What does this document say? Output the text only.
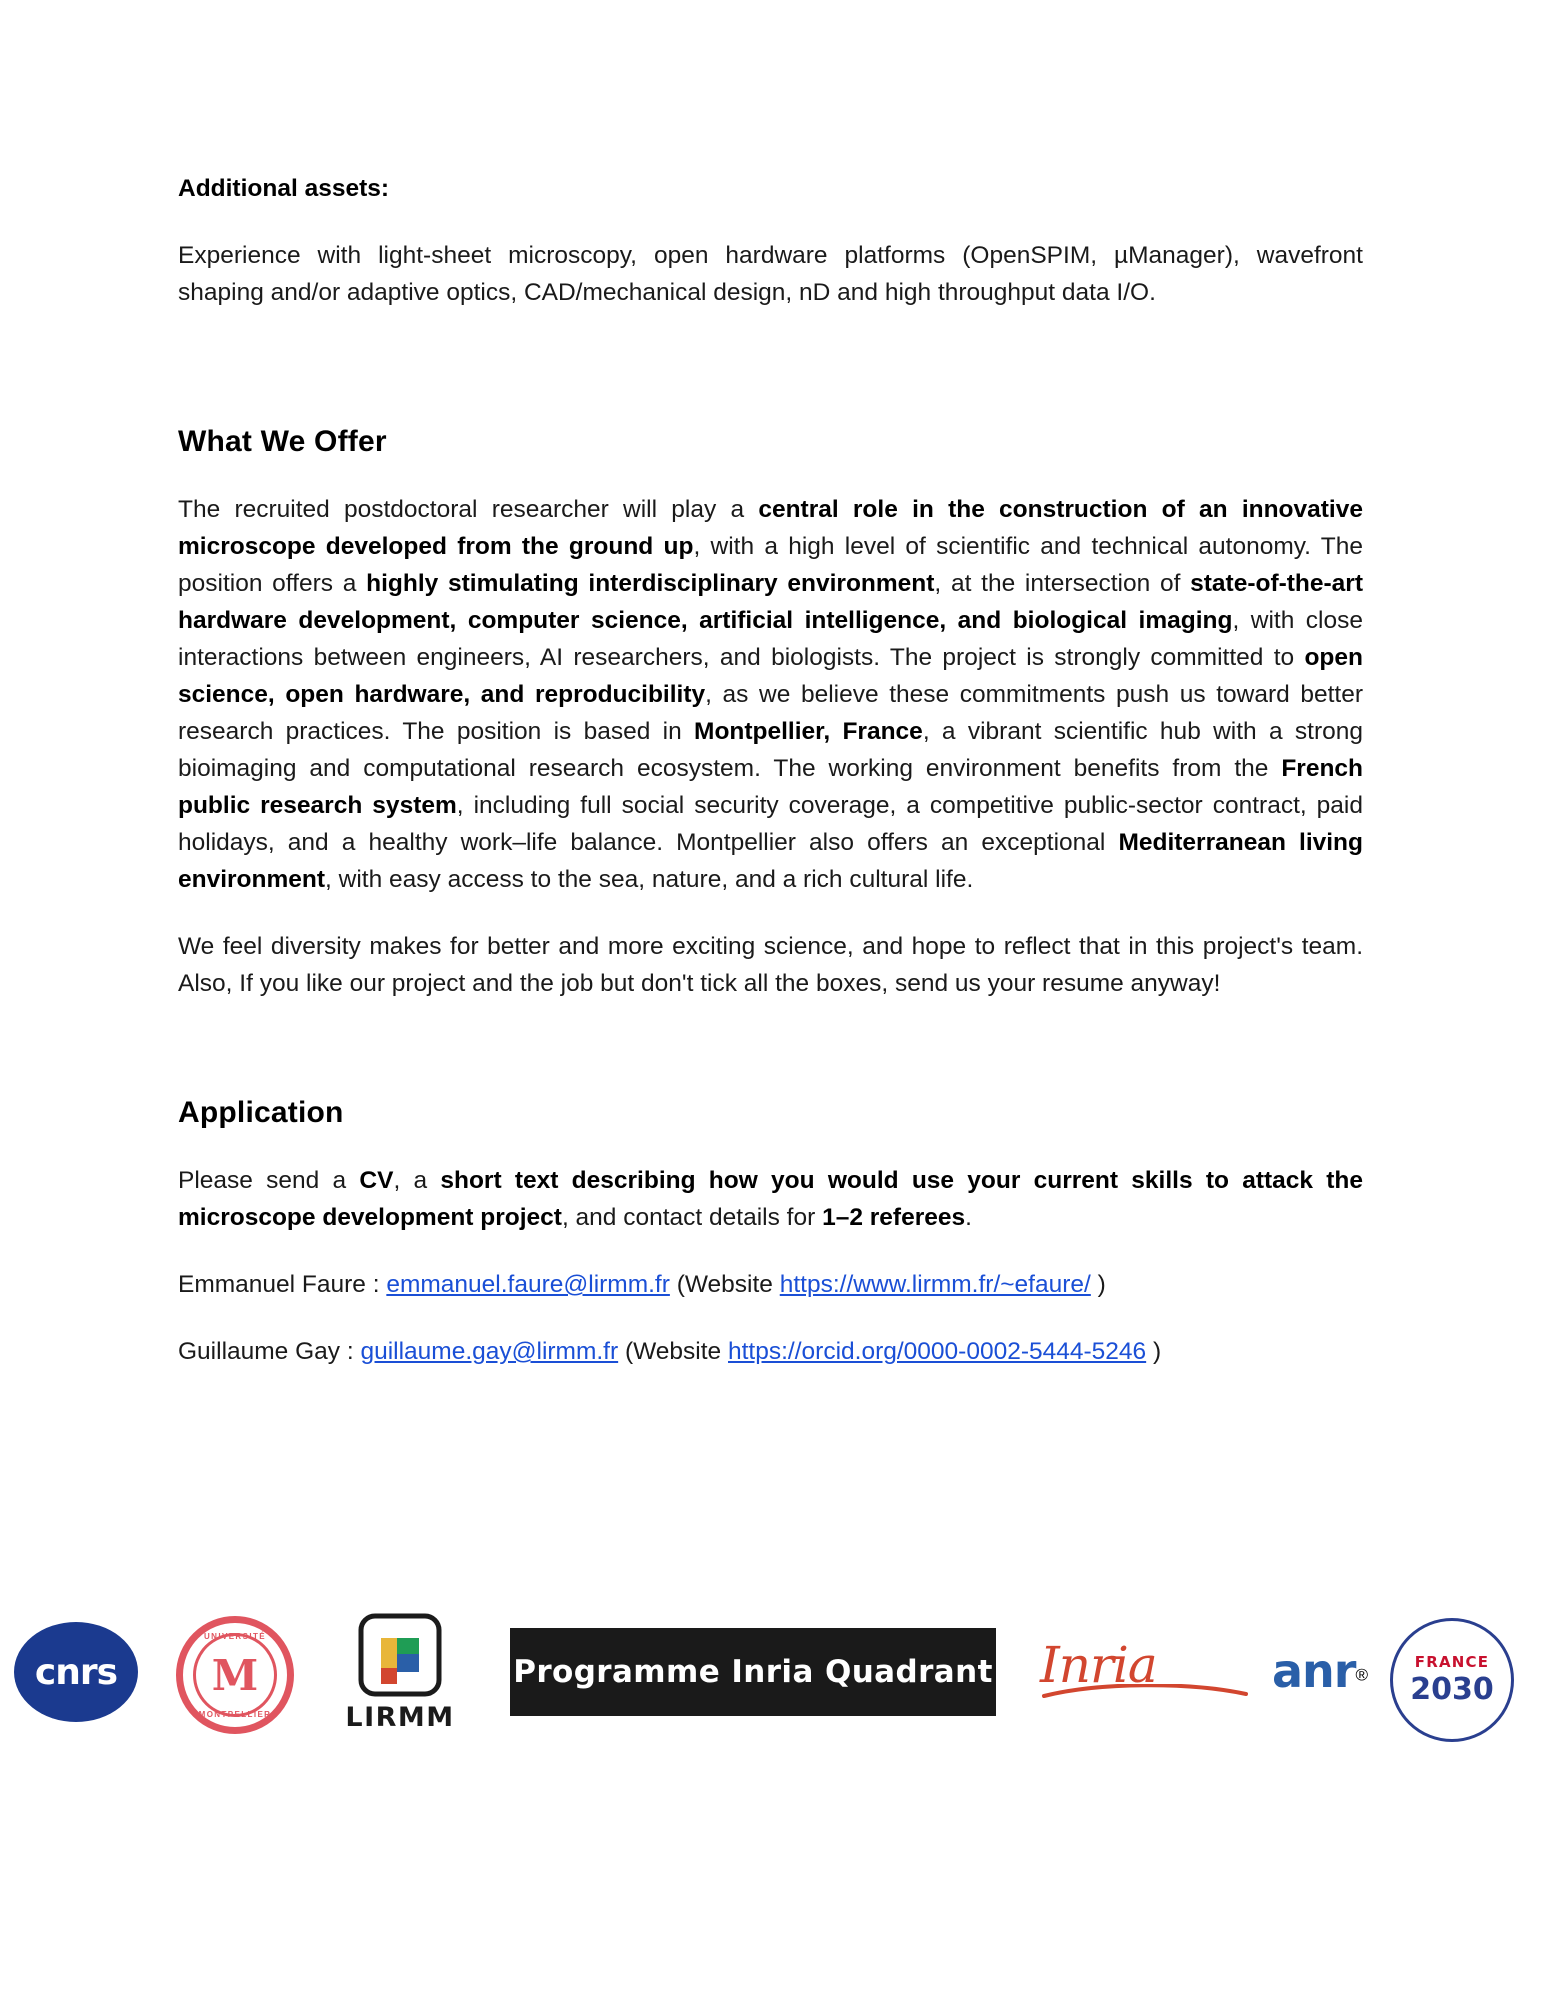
Additional assets:

Experience with light-sheet microscopy, open hardware platforms (OpenSPIM, µManager), wavefront shaping and/or adaptive optics, CAD/mechanical design, nD and high throughput data I/O.

What We Offer

The recruited postdoctoral researcher will play a central role in the construction of an innovative microscope developed from the ground up, with a high level of scientific and technical autonomy. The position offers a highly stimulating interdisciplinary environment, at the intersection of state-of-the-art hardware development, computer science, artificial intelligence, and biological imaging, with close interactions between engineers, AI researchers, and biologists. The project is strongly committed to open science, open hardware, and reproducibility, as we believe these commitments push us toward better research practices. The position is based in Montpellier, France, a vibrant scientific hub with a strong bioimaging and computational research ecosystem. The working environment benefits from the French public research system, including full social security coverage, a competitive public-sector contract, paid holidays, and a healthy work–life balance. Montpellier also offers an exceptional Mediterranean living environment, with easy access to the sea, nature, and a rich cultural life.

We feel diversity makes for better and more exciting science, and hope to reflect that in this project's team. Also, If you like our project and the job but don't tick all the boxes, send us your resume anyway!

Application

Please send a CV, a short text describing how you would use your current skills to attack the microscope development project, and contact details for 1–2 referees.

Emmanuel Faure : emmanuel.faure@lirmm.fr (Website https://www.lirmm.fr/~efaure/ )
Guillaume Gay : guillaume.gay@lirmm.fr (Website https://orcid.org/0000-0002-5444-5246 )
cnrs
UNIVERSITÉ
M
MONTPELLIER	LIRMM
Programme Inria Quadrant Inria	anr®
FRANCE
2030
